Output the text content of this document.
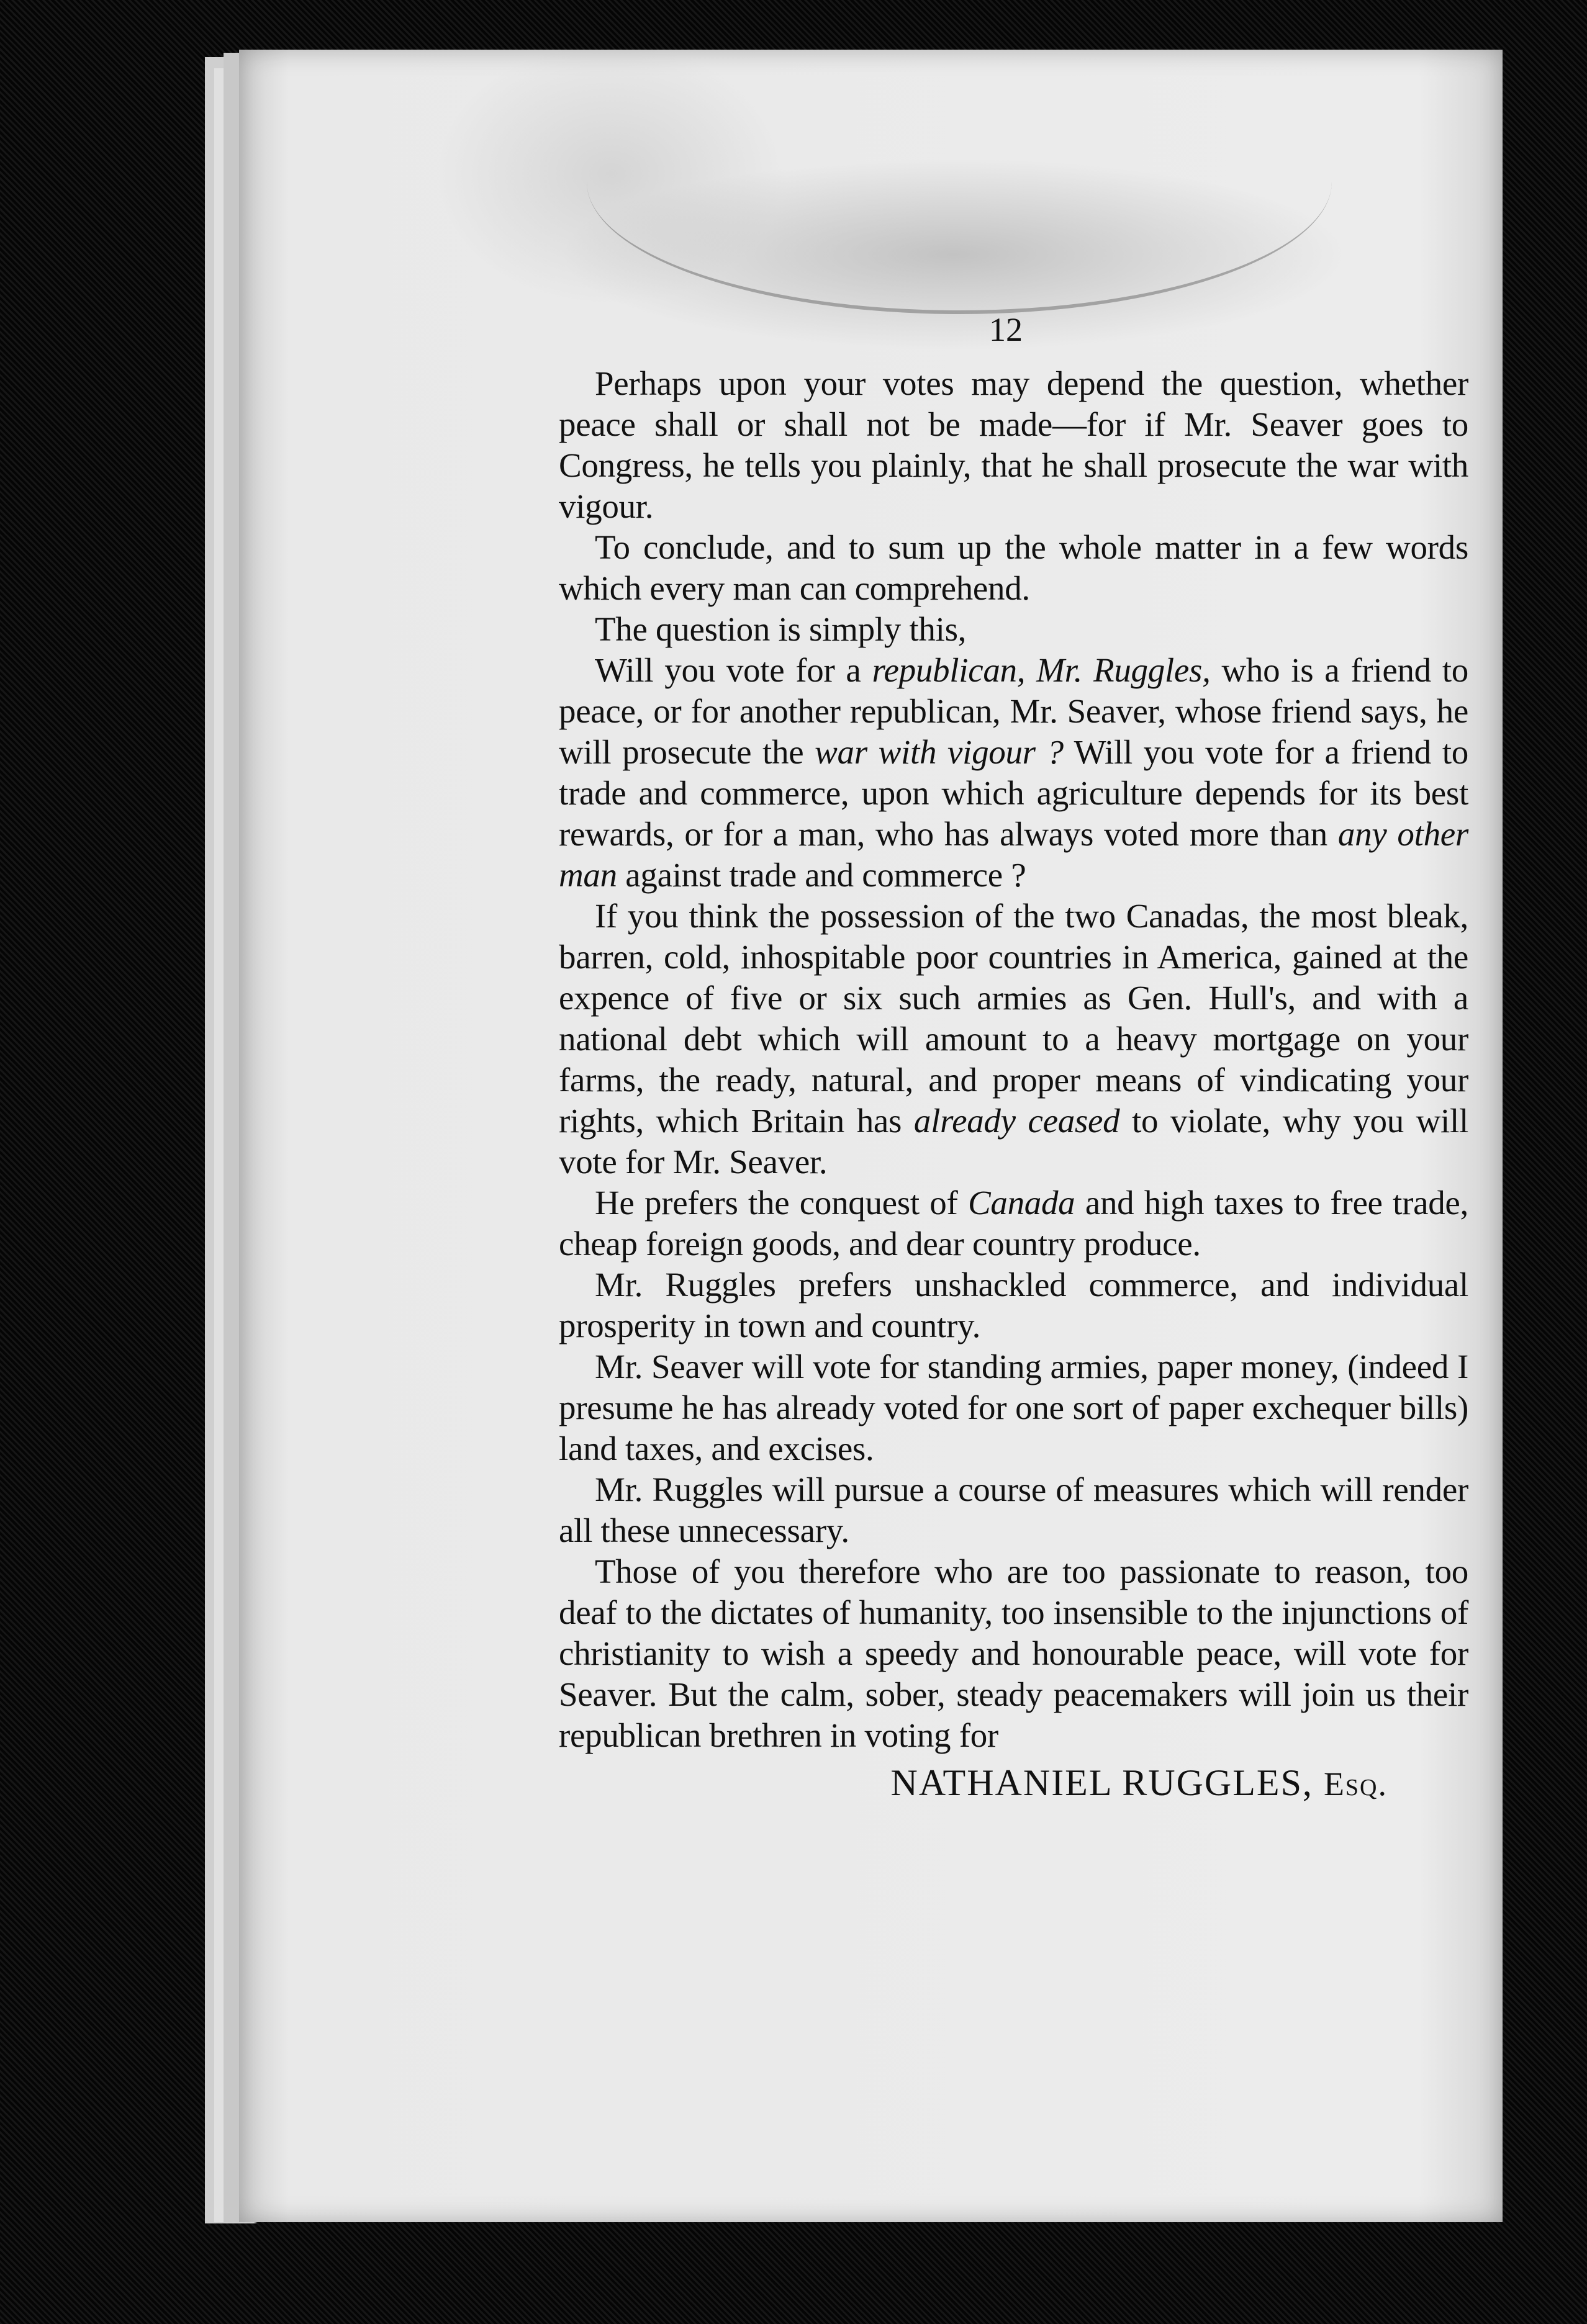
12

Perhaps upon your votes may depend the question, whether peace shall or shall not be made—for if Mr. Seaver goes to Congress, he tells you plainly, that he shall prosecute the war with vigour.

To conclude, and to sum up the whole matter in a few words which every man can comprehend.

The question is simply this,

Will you vote for a republican, Mr. Ruggles, who is a friend to peace, or for another republican, Mr. Seaver, whose friend says, he will prosecute the war with vigour ? Will you vote for a friend to trade and commerce, upon which agriculture depends for its best rewards, or for a man, who has always voted more than any other man against trade and commerce ?

If you think the possession of the two Canadas, the most bleak, barren, cold, inhospitable poor countries in America, gained at the expence of five or six such armies as Gen. Hull's, and with a national debt which will amount to a heavy mortgage on your farms, the ready, natural, and proper means of vindicating your rights, which Britain has already ceased to violate, why you will vote for Mr. Seaver.

He prefers the conquest of Canada and high taxes to free trade, cheap foreign goods, and dear country produce.

Mr. Ruggles prefers unshackled commerce, and individual prosperity in town and country.

Mr. Seaver will vote for standing armies, paper money, (indeed I presume he has already voted for one sort of paper exchequer bills) land taxes, and excises.

Mr. Ruggles will pursue a course of measures which will render all these unnecessary.

Those of you therefore who are too passionate to reason, too deaf to the dictates of humanity, too insensible to the injunctions of christianity to wish a speedy and honourable peace, will vote for Seaver. But the calm, sober, steady peacemakers will join us their republican brethren in voting for

NATHANIEL RUGGLES, Esq.
